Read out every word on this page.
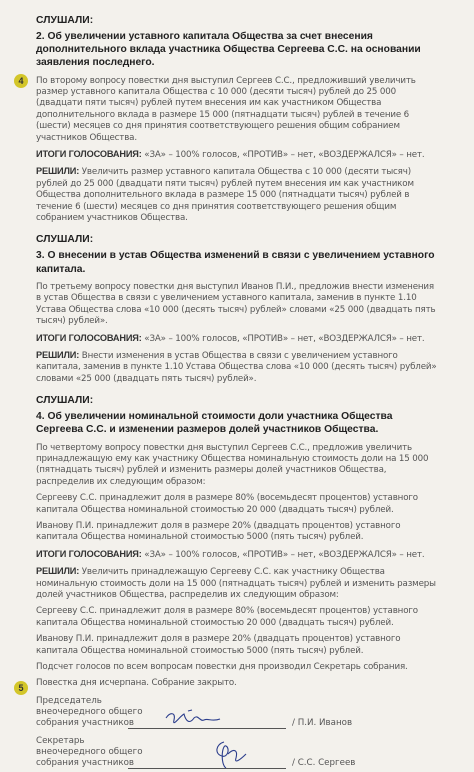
4
5
СЛУШАЛИ:
2. Об увеличении уставного капитала Общества за счет внесения дополнительного вклада участника Общества Сергеева С.С. на основании заявления последнего.
По второму вопросу повестки дня выступил Сергеев С.С., предложивший увеличить размер уставного капитала Общества с 10 000 (десяти тысяч) рублей до 25 000 (двадцати пяти тысяч) рублей путем внесения им как участником Общества дополнительного вклада в размере 15 000 (пятнадцати тысяч) рублей в течение 6 (шести) месяцев со дня принятия соответствующего решения общим собранием участников Общества.
ИТОГИ ГОЛОСОВАНИЯ: «ЗА» – 100% голосов, «ПРОТИВ» – нет, «ВОЗДЕРЖАЛСЯ» – нет.
РЕШИЛИ: Увеличить размер уставного капитала Общества с 10 000 (десяти тысяч) рублей до 25 000 (двадцати пяти тысяч) рублей путем внесения им как участником Общества дополнительного вклада в размере 15 000 (пятнадцати тысяч) рублей в течение 6 (шести) месяцев со дня принятия соответствующего решения общим собранием участников Общества.
СЛУШАЛИ:
3. О внесении в устав Общества изменений в связи с увеличением уставного капитала.
По третьему вопросу повестки дня выступил Иванов П.И., предложив внести изменения в устав Общества в связи с увеличением уставного капитала, заменив в пункте 1.10 Устава Общества слова «10 000 (десять тысяч) рублей» словами «25 000 (двадцать пять тысяч) рублей».
ИТОГИ ГОЛОСОВАНИЯ: «ЗА» – 100% голосов, «ПРОТИВ» – нет, «ВОЗДЕРЖАЛСЯ» – нет.
РЕШИЛИ: Внести изменения в устав Общества в связи с увеличением уставного капитала, заменив в пункте 1.10 Устава Общества слова «10 000 (десять тысяч) рублей» словами «25 000 (двадцать пять тысяч) рублей».
СЛУШАЛИ:
4. Об увеличении номинальной стоимости доли участника Общества Сергеева С.С. и изменении размеров долей участников Общества.
По четвертому вопросу повестки дня выступил Сергеев С.С., предложив увеличить принадлежащую ему как участнику Общества номинальную стоимость доли на 15 000 (пятнадцать тысяч) рублей и изменить размеры долей участников Общества, распределив их следующим образом:
Сергееву С.С. принадлежит доля в размере 80% (восемьдесят процентов) уставного капитала Общества номинальной стоимостью 20 000 (двадцать тысяч) рублей.
Иванову П.И. принадлежит доля в размере 20% (двадцать процентов) уставного капитала Общества номинальной стоимостью 5000 (пять тысяч) рублей.
ИТОГИ ГОЛОСОВАНИЯ: «ЗА» – 100% голосов, «ПРОТИВ» – нет, «ВОЗДЕРЖАЛСЯ» – нет.
РЕШИЛИ: Увеличить принадлежащую Сергееву С.С. как участнику Общества номинальную стоимость доли на 15 000 (пятнадцать тысяч) рублей и изменить размеры долей участников Общества, распределив их следующим образом:
Сергееву С.С. принадлежит доля в размере 80% (восемьдесят процентов) уставного капитала Общества номинальной стоимостью 20 000 (двадцать тысяч) рублей.
Иванову П.И. принадлежит доля в размере 20% (двадцать процентов) уставного капитала Общества номинальной стоимостью 5000 (пять тысяч) рублей.
Подсчет голосов по всем вопросам повестки дня производил Секретарь собрания.
Повестка дня исчерпана. Собрание закрыто.
Председатель
внеочередного общего
собрания участников	/ П.И. Иванов
Секретарь
внеочередного общего
собрания участников	/ С.С. Сергеев
